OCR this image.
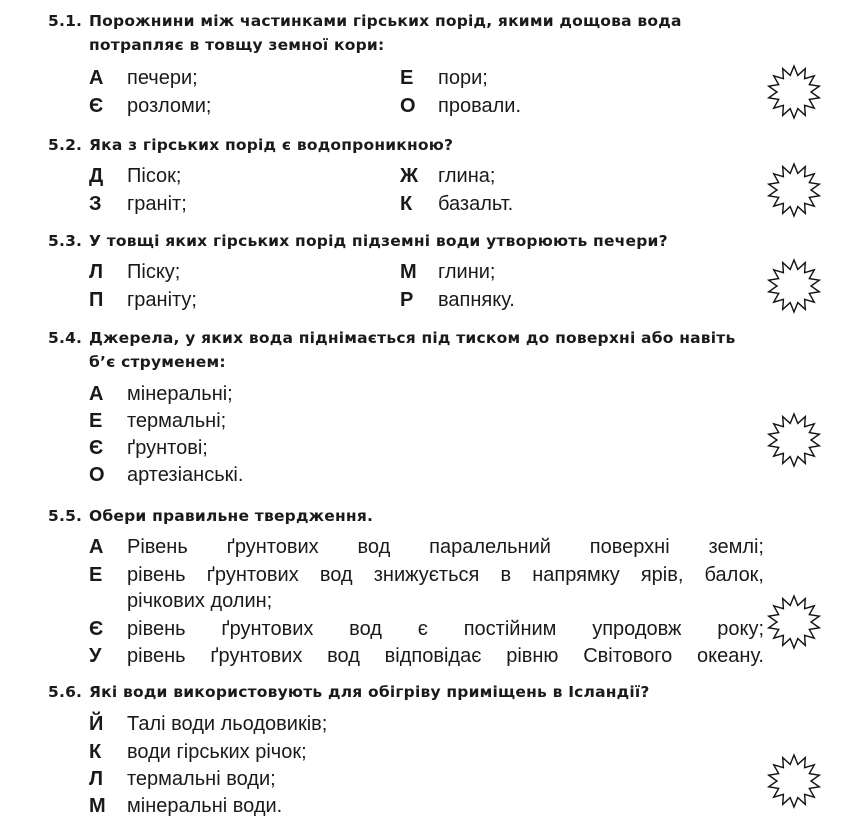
5.1. Порожнини між частинками гірських порід, якими дощова вода
потрапляє в товщу земної кори:
А печери;	Е пори;
Є розломи;	О провали.
5.2. Яка з гірських порід є водопроникною?
Д Пісок;	Ж глина;
З граніт;	К базальт.
5.3. У товщі яких гірських порід підземні води утворюють печери?
Л Піску;	М глини;
П граніту;	Р вапняку.
5.4. Джерела, у яких вода піднімається під тиском до поверхні або навіть
б’є струменем:
А мінеральні;
Е термальні;
Є ґрунтові;
О артезіанські.
5.5. Обери правильне твердження.
А Рівень ґрунтових вод паралельний поверхні землі;
Е рівень ґрунтових вод знижується в напрямку ярів, балок,
річкових долин;
Є рівень ґрунтових вод є постійним упродовж року;
У рівень ґрунтових вод відповідає рівню Світового океану.
5.6. Які води використовують для обігріву приміщень в Ісландії?
Й Талі води льодовиків;
К води гірських річок;
Л термальні води;
М мінеральні води.
